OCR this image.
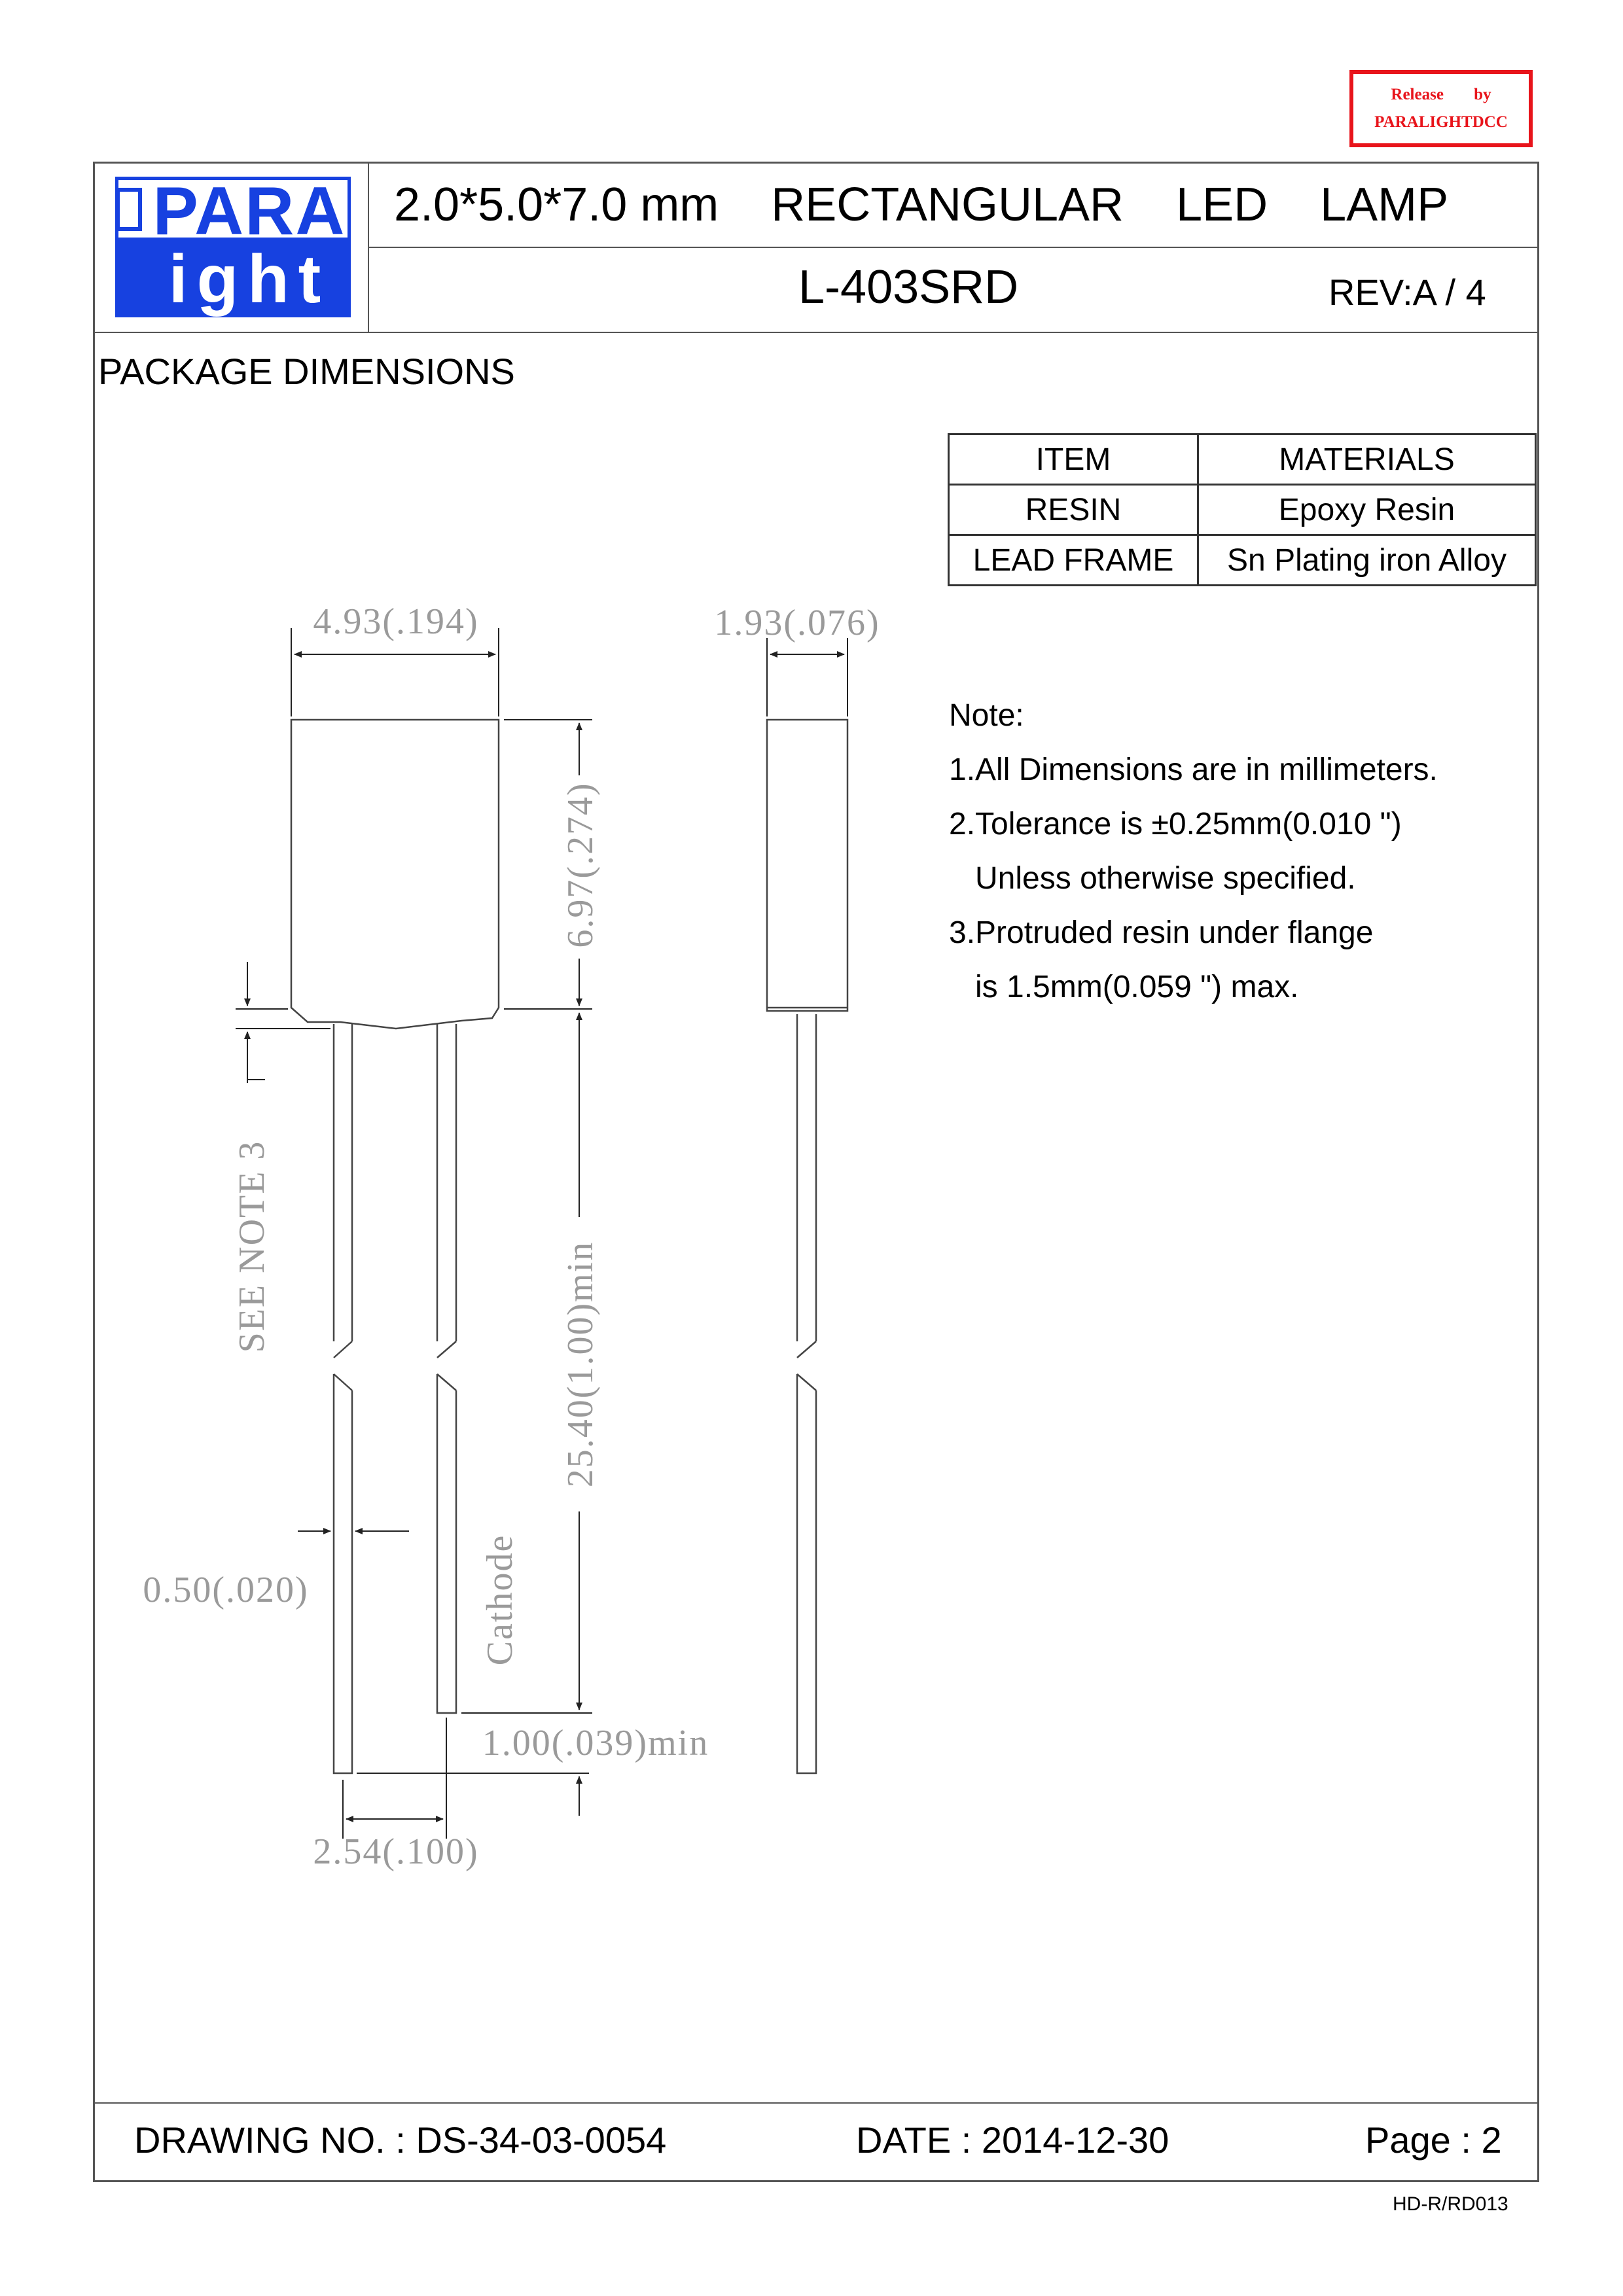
Release by
PARALIGHTDCC
PARA
ight
2.0*5.0*7.0 mm    RECTANGULAR    LED    LAMP
L-403SRD	REV:A / 4
PACKAGE DIMENSIONS
ITEM	MATERIALS
RESIN	Epoxy Resin
LEAD FRAME	Sn Plating iron Alloy
Note:
1.All Dimensions are in millimeters.
2.Tolerance is ±0.25mm(0.010 ")
Unless otherwise specified.
3.Protruded resin under flange
is 1.5mm(0.059 ") max.
4.93(.194)	1.93(.076)
6.97(.274)
SEE NOTE 3	25.40(1.00)min
0.50(.020)	Cathode
1.00(.039)min
2.54(.100)
DRAWING NO. : DS-34-03-0054	DATE : 2014-12-30	Page : 2
HD-R/RD013
